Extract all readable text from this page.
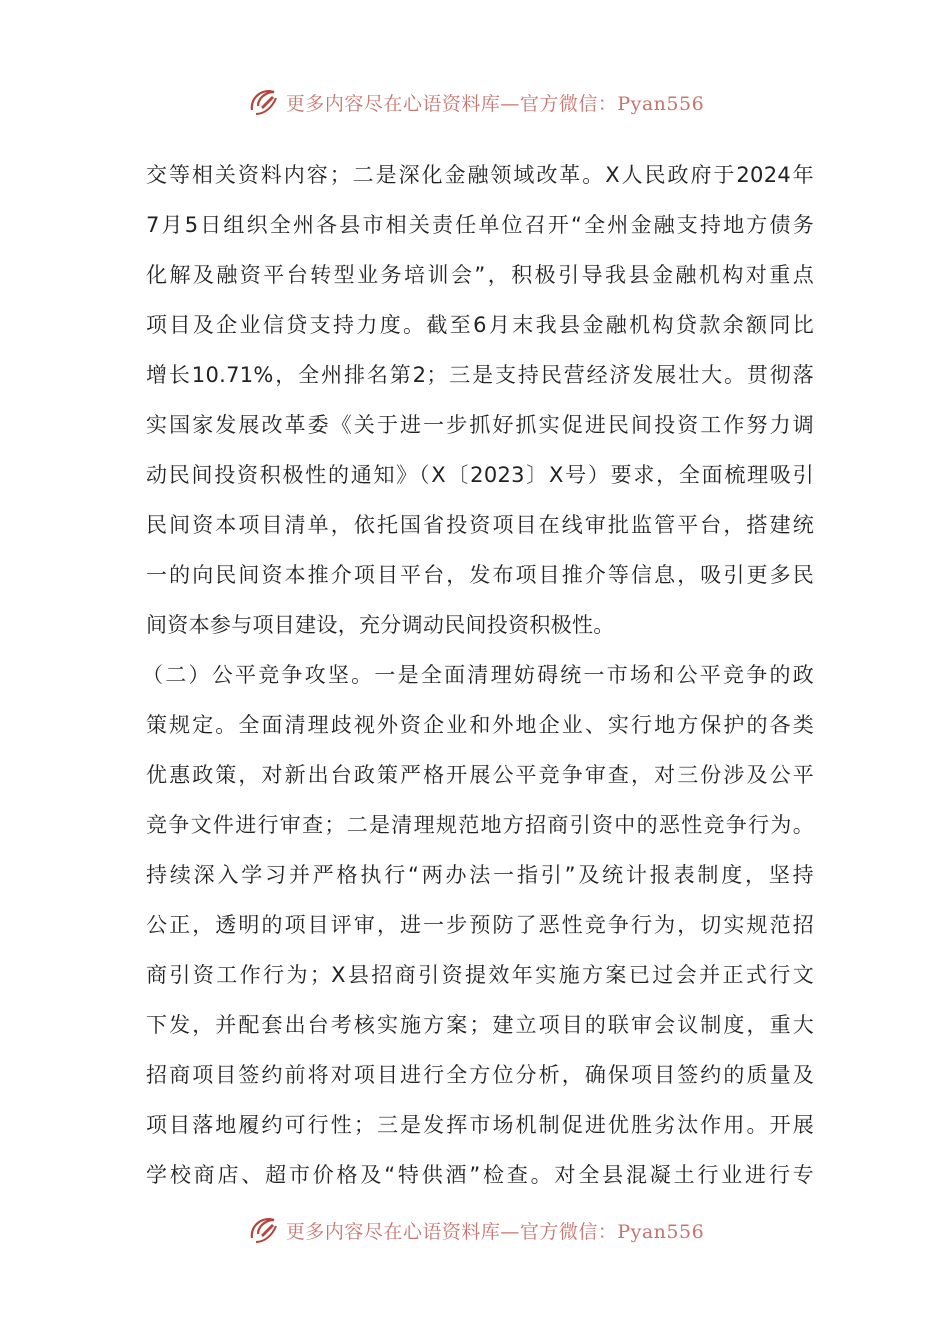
更多内容尽在心语资料库—官方微信：Pyan556
交等相关资料内容；二是深化金融领域改革。X人民政府于2024年
7月5日组织全州各县市相关责任单位召开“全州金融支持地方债务
化解及融资平台转型业务培训会”，积极引导我县金融机构对重点
项目及企业信贷支持力度。截至6月末我县金融机构贷款余额同比
增长10.71%，全州排名第2；三是支持民营经济发展壮大。贯彻落
实国家发展改革委《关于进一步抓好抓实促进民间投资工作努力调
动民间投资积极性的通知》（X〔2023〕X号）要求，全面梳理吸引
民间资本项目清单，依托国省投资项目在线审批监管平台，搭建统
一的向民间资本推介项目平台，发布项目推介等信息，吸引更多民
间资本参与项目建设，充分调动民间投资积极性。
（二）公平竞争攻坚。一是全面清理妨碍统一市场和公平竞争的政
策规定。全面清理歧视外资企业和外地企业、实行地方保护的各类
优惠政策，对新出台政策严格开展公平竞争审查，对三份涉及公平
竞争文件进行审查；二是清理规范地方招商引资中的恶性竞争行为。
持续深入学习并严格执行“两办法一指引”及统计报表制度，坚持
公正，透明的项目评审，进一步预防了恶性竞争行为，切实规范招
商引资工作行为；X县招商引资提效年实施方案已过会并正式行文
下发，并配套出台考核实施方案；建立项目的联审会议制度，重大
招商项目签约前将对项目进行全方位分析，确保项目签约的质量及
项目落地履约可行性；三是发挥市场机制促进优胜劣汰作用。开展
学校商店、超市价格及“特供酒”检查。对全县混凝土行业进行专
更多内容尽在心语资料库—官方微信：Pyan556
